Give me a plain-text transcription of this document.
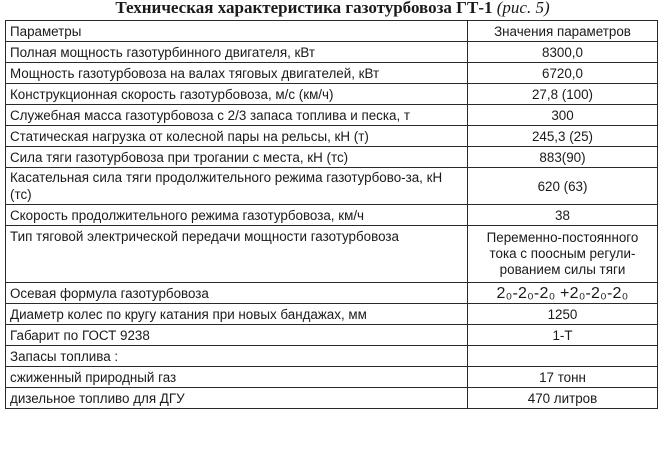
Техническая характеристика газотурбовоза ГТ-1 (рис. 5)
Параметры	Значения параметров
Полная мощность газотурбинного двигателя, кВт	8300,0
Мощность газотурбовоза на валах тяговых двигателей, кВт	6720,0
Конструкционная скорость газотурбовоза, м/с (км/ч)	27,8 (100)
Служебная масса газотурбовоза с 2/3 запаса топлива и песка, т	300
Статическая нагрузка от колесной пары на рельсы, кН (т)	245,3 (25)
Сила тяги газотурбовоза при трогании с места, кН (тс)	883(90)
Касательная сила тяги продолжительного режима газотурбово-за, кН (тс)	620 (63)
Скорость продолжительного режима газотурбовоза, км/ч	38
Тип тяговой электрической передачи мощности газотурбовоза	Переменно-постоянного тока с поосным регули-рованием силы тяги
Осевая формула газотурбовоза	2₀-2₀-2₀ +2₀-2₀-2₀
Диаметр колес по кругу катания при новых бандажах, мм	1250
Габарит по ГОСТ 9238	1-Т
Запасы топлива :	
сжиженный природный газ	17 тонн
дизельное топливо для ДГУ	470 литров
